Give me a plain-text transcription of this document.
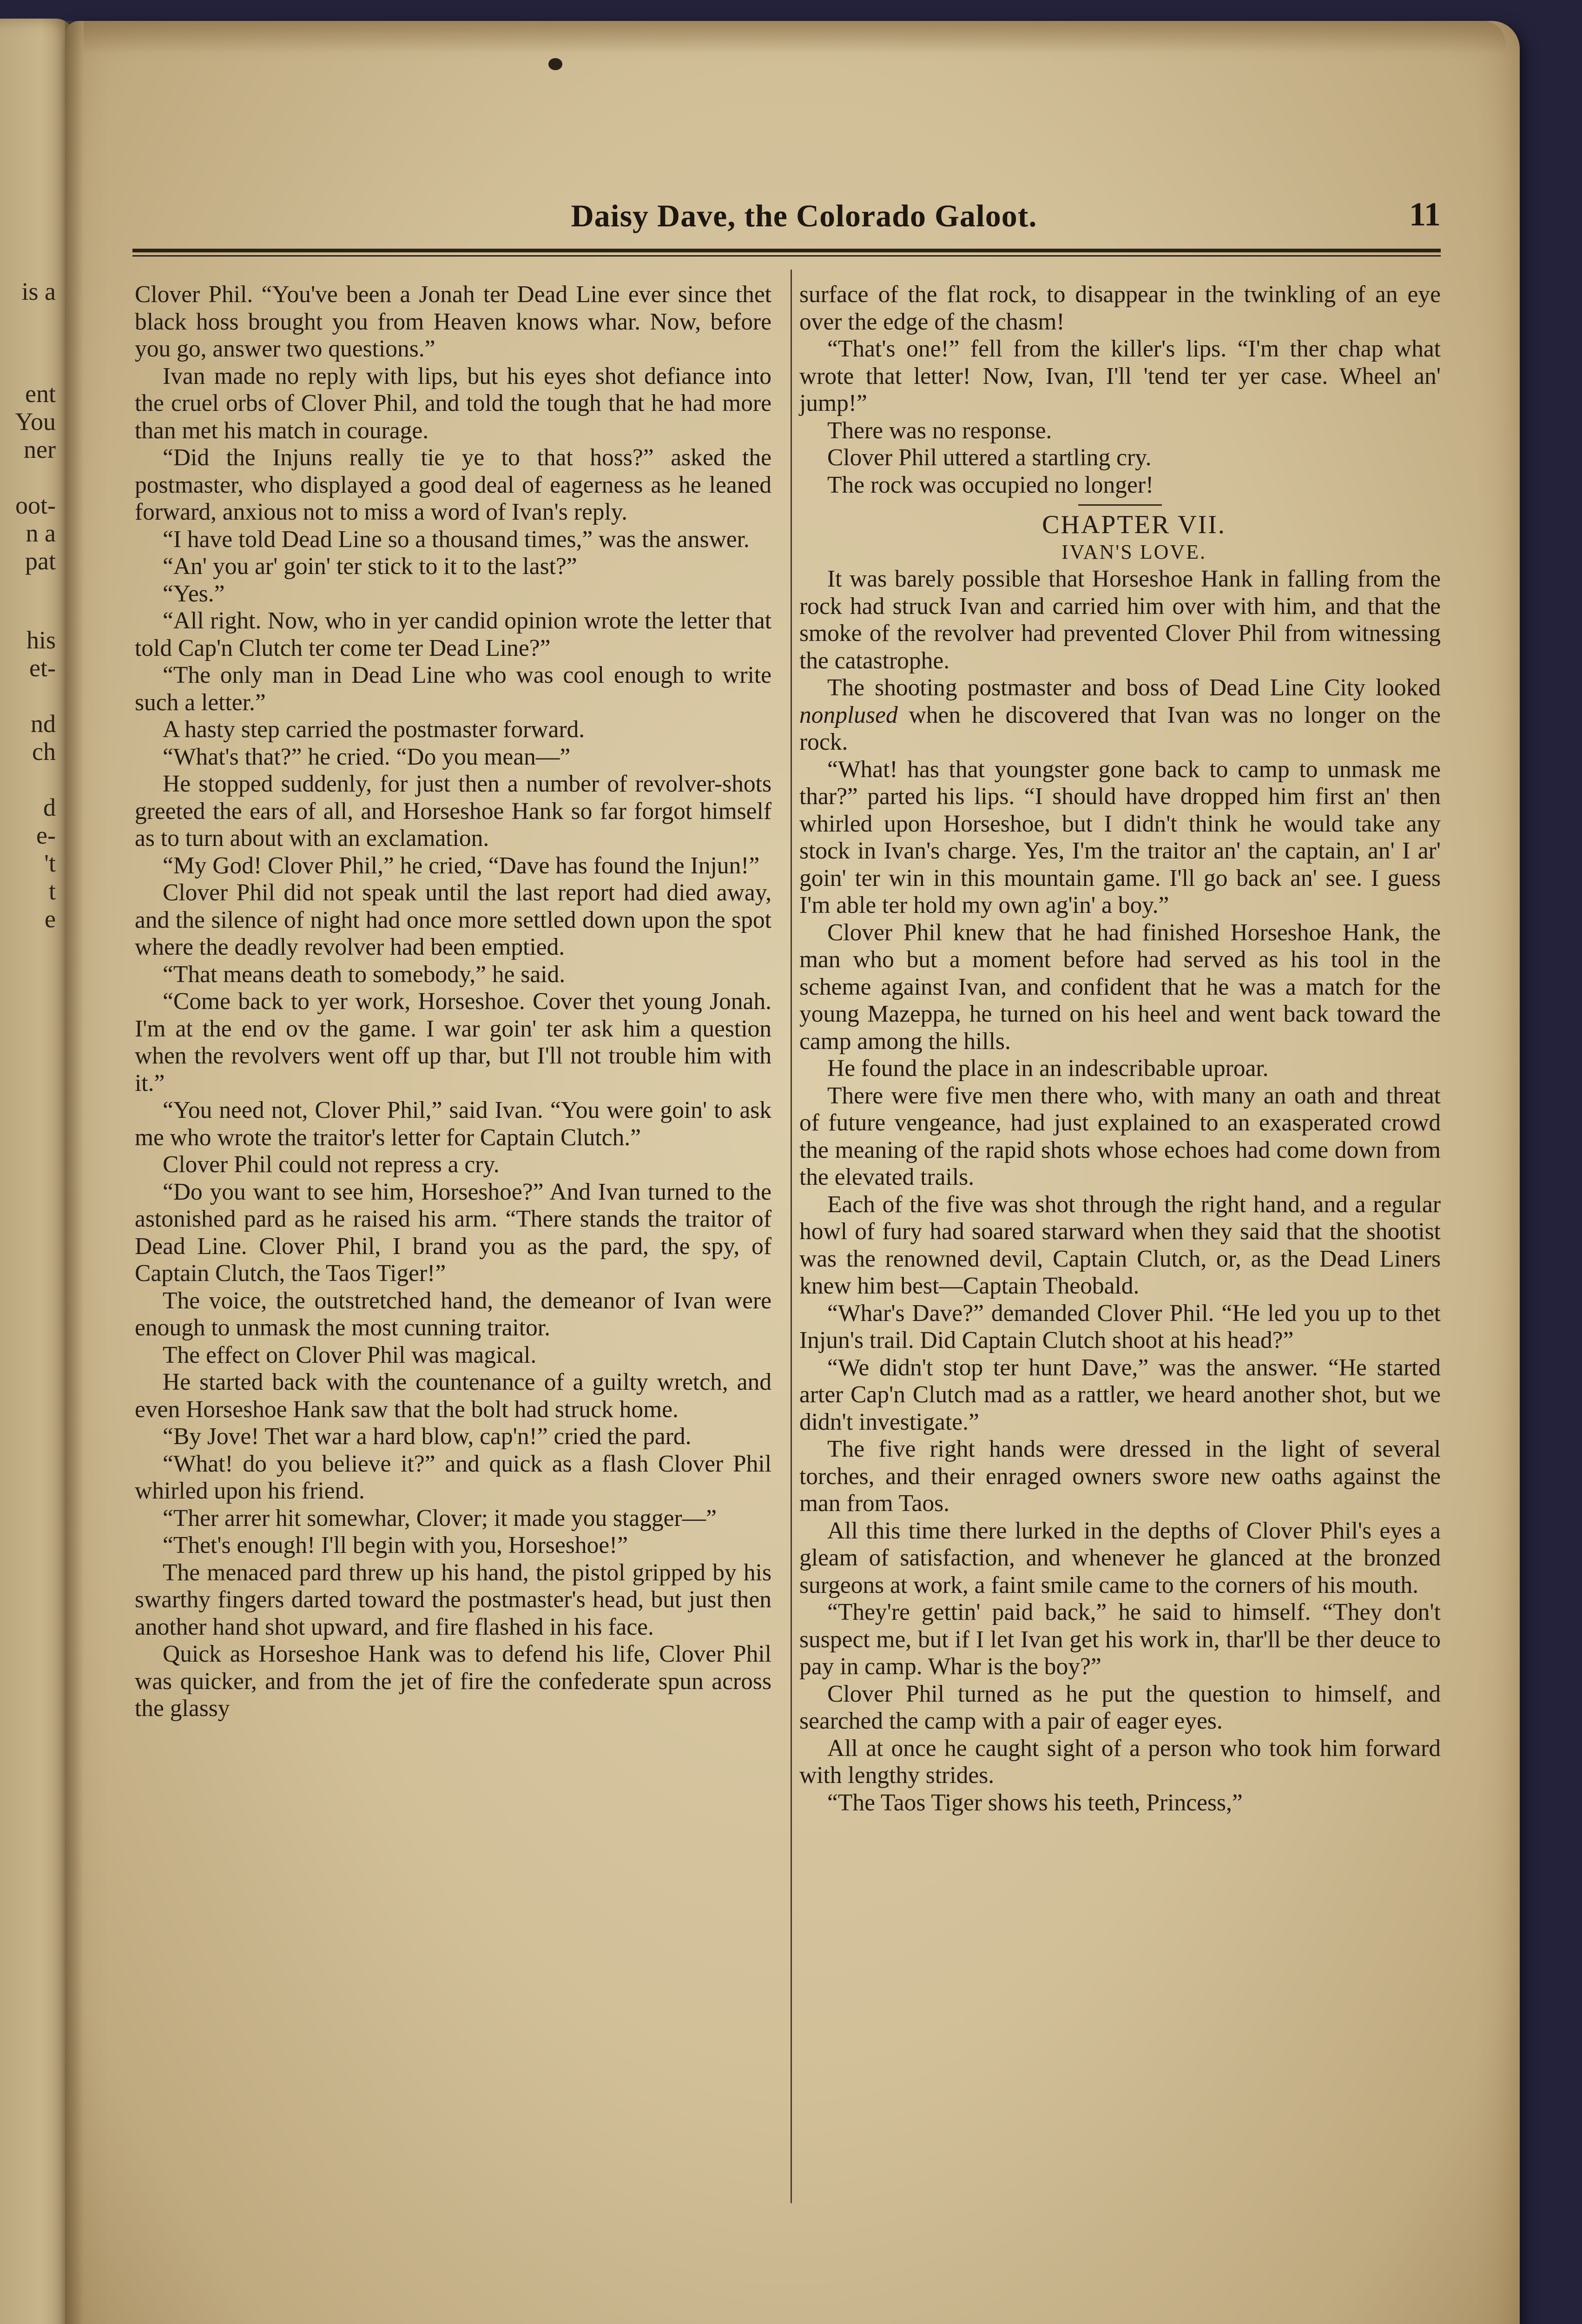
is a
ent
You
ner
oot-
n a
pat
his
et-
nd
ch
d
e-
't
t
e
Daisy Dave, the Colorado Galoot.	11

Clover Phil. “You've been a Jonah ter Dead Line ever since thet black hoss brought you from Heaven knows whar. Now, before you go, answer two questions.”

Ivan made no reply with lips, but his eyes shot defiance into the cruel orbs of Clover Phil, and told the tough that he had more than met his match in courage.

“Did the Injuns really tie ye to that hoss?” asked the postmaster, who displayed a good deal of eagerness as he leaned forward, anxious not to miss a word of Ivan's reply.

“I have told Dead Line so a thousand times,” was the answer.

“An' you ar' goin' ter stick to it to the last?”

“Yes.”

“All right. Now, who in yer candid opinion wrote the letter that told Cap'n Clutch ter come ter Dead Line?”

“The only man in Dead Line who was cool enough to write such a letter.”

A hasty step carried the postmaster forward.

“What's that?” he cried. “Do you mean—”

He stopped suddenly, for just then a number of revolver-shots greeted the ears of all, and Horseshoe Hank so far forgot himself as to turn about with an exclamation.

“My God! Clover Phil,” he cried, “Dave has found the Injun!”

Clover Phil did not speak until the last report had died away, and the silence of night had once more settled down upon the spot where the deadly revolver had been emptied.

“That means death to somebody,” he said.

“Come back to yer work, Horseshoe. Cover thet young Jonah. I'm at the end ov the game. I war goin' ter ask him a question when the revolvers went off up thar, but I'll not trouble him with it.”

“You need not, Clover Phil,” said Ivan. “You were goin' to ask me who wrote the traitor's letter for Captain Clutch.”

Clover Phil could not repress a cry.

“Do you want to see him, Horseshoe?” And Ivan turned to the astonished pard as he raised his arm. “There stands the traitor of Dead Line. Clover Phil, I brand you as the pard, the spy, of Captain Clutch, the Taos Tiger!”

The voice, the outstretched hand, the demeanor of Ivan were enough to unmask the most cunning traitor.

The effect on Clover Phil was magical.

He started back with the countenance of a guilty wretch, and even Horseshoe Hank saw that the bolt had struck home.

“By Jove! Thet war a hard blow, cap'n!” cried the pard.

“What! do you believe it?” and quick as a flash Clover Phil whirled upon his friend.

“Ther arrer hit somewhar, Clover; it made you stagger—”

“Thet's enough! I'll begin with you, Horseshoe!”

The menaced pard threw up his hand, the pistol gripped by his swarthy fingers darted toward the postmaster's head, but just then another hand shot upward, and fire flashed in his face.

Quick as Horseshoe Hank was to defend his life, Clover Phil was quicker, and from the jet of fire the confederate spun across the glassy

surface of the flat rock, to disappear in the twinkling of an eye over the edge of the chasm!

“That's one!” fell from the killer's lips. “I'm ther chap what wrote that letter! Now, Ivan, I'll 'tend ter yer case. Wheel an' jump!”

There was no response.

Clover Phil uttered a startling cry.

The rock was occupied no longer!

CHAPTER VII.

IVAN'S LOVE.

It was barely possible that Horseshoe Hank in falling from the rock had struck Ivan and carried him over with him, and that the smoke of the revolver had prevented Clover Phil from witnessing the catastrophe.

The shooting postmaster and boss of Dead Line City looked nonplused when he discovered that Ivan was no longer on the rock.

“What! has that youngster gone back to camp to unmask me thar?” parted his lips. “I should have dropped him first an' then whirled upon Horseshoe, but I didn't think he would take any stock in Ivan's charge. Yes, I'm the traitor an' the captain, an' I ar' goin' ter win in this mountain game. I'll go back an' see. I guess I'm able ter hold my own ag'in' a boy.”

Clover Phil knew that he had finished Horseshoe Hank, the man who but a moment before had served as his tool in the scheme against Ivan, and confident that he was a match for the young Mazeppa, he turned on his heel and went back toward the camp among the hills.

He found the place in an indescribable uproar.

There were five men there who, with many an oath and threat of future vengeance, had just explained to an exasperated crowd the meaning of the rapid shots whose echoes had come down from the elevated trails.

Each of the five was shot through the right hand, and a regular howl of fury had soared starward when they said that the shootist was the renowned devil, Captain Clutch, or, as the Dead Liners knew him best—Captain Theobald.

“Whar's Dave?” demanded Clover Phil. “He led you up to thet Injun's trail. Did Captain Clutch shoot at his head?”

“We didn't stop ter hunt Dave,” was the answer. “He started arter Cap'n Clutch mad as a rattler, we heard another shot, but we didn't investigate.”

The five right hands were dressed in the light of several torches, and their enraged owners swore new oaths against the man from Taos.

All this time there lurked in the depths of Clover Phil's eyes a gleam of satisfaction, and whenever he glanced at the bronzed surgeons at work, a faint smile came to the corners of his mouth.

“They're gettin' paid back,” he said to himself. “They don't suspect me, but if I let Ivan get his work in, thar'll be ther deuce to pay in camp. Whar is the boy?”

Clover Phil turned as he put the question to himself, and searched the camp with a pair of eager eyes.

All at once he caught sight of a person who took him forward with lengthy strides.

“The Taos Tiger shows his teeth, Princess,”
